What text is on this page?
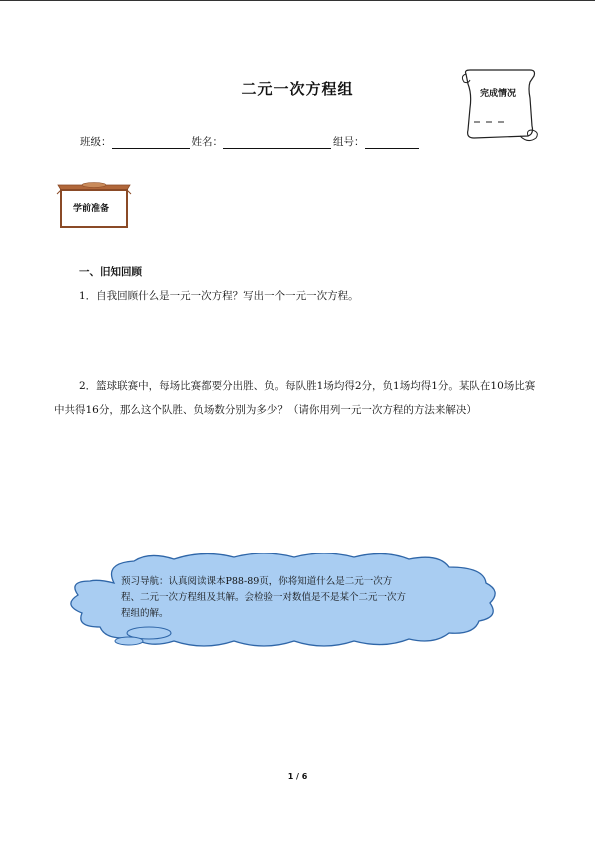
二元一次方程组	完成情况
班级：	姓名：	组号：
学前准备
一、旧知回顾
1．自我回顾什么是一元一次方程？写出一个一元一次方程。
2．篮球联赛中，每场比赛都要分出胜、负。每队胜1场均得2分，负1场均得1分。某队在10场比赛中共得16分，那么这个队胜、负场数分别为多少？（请你用列一元一次方程的方法来解决）
预习导航：认真阅读课本P88-89页，你将知道什么是二元一次方程、二元一次方程组及其解。会检验一对数值是不是某个二元一次方程组的解。
1 / 6
